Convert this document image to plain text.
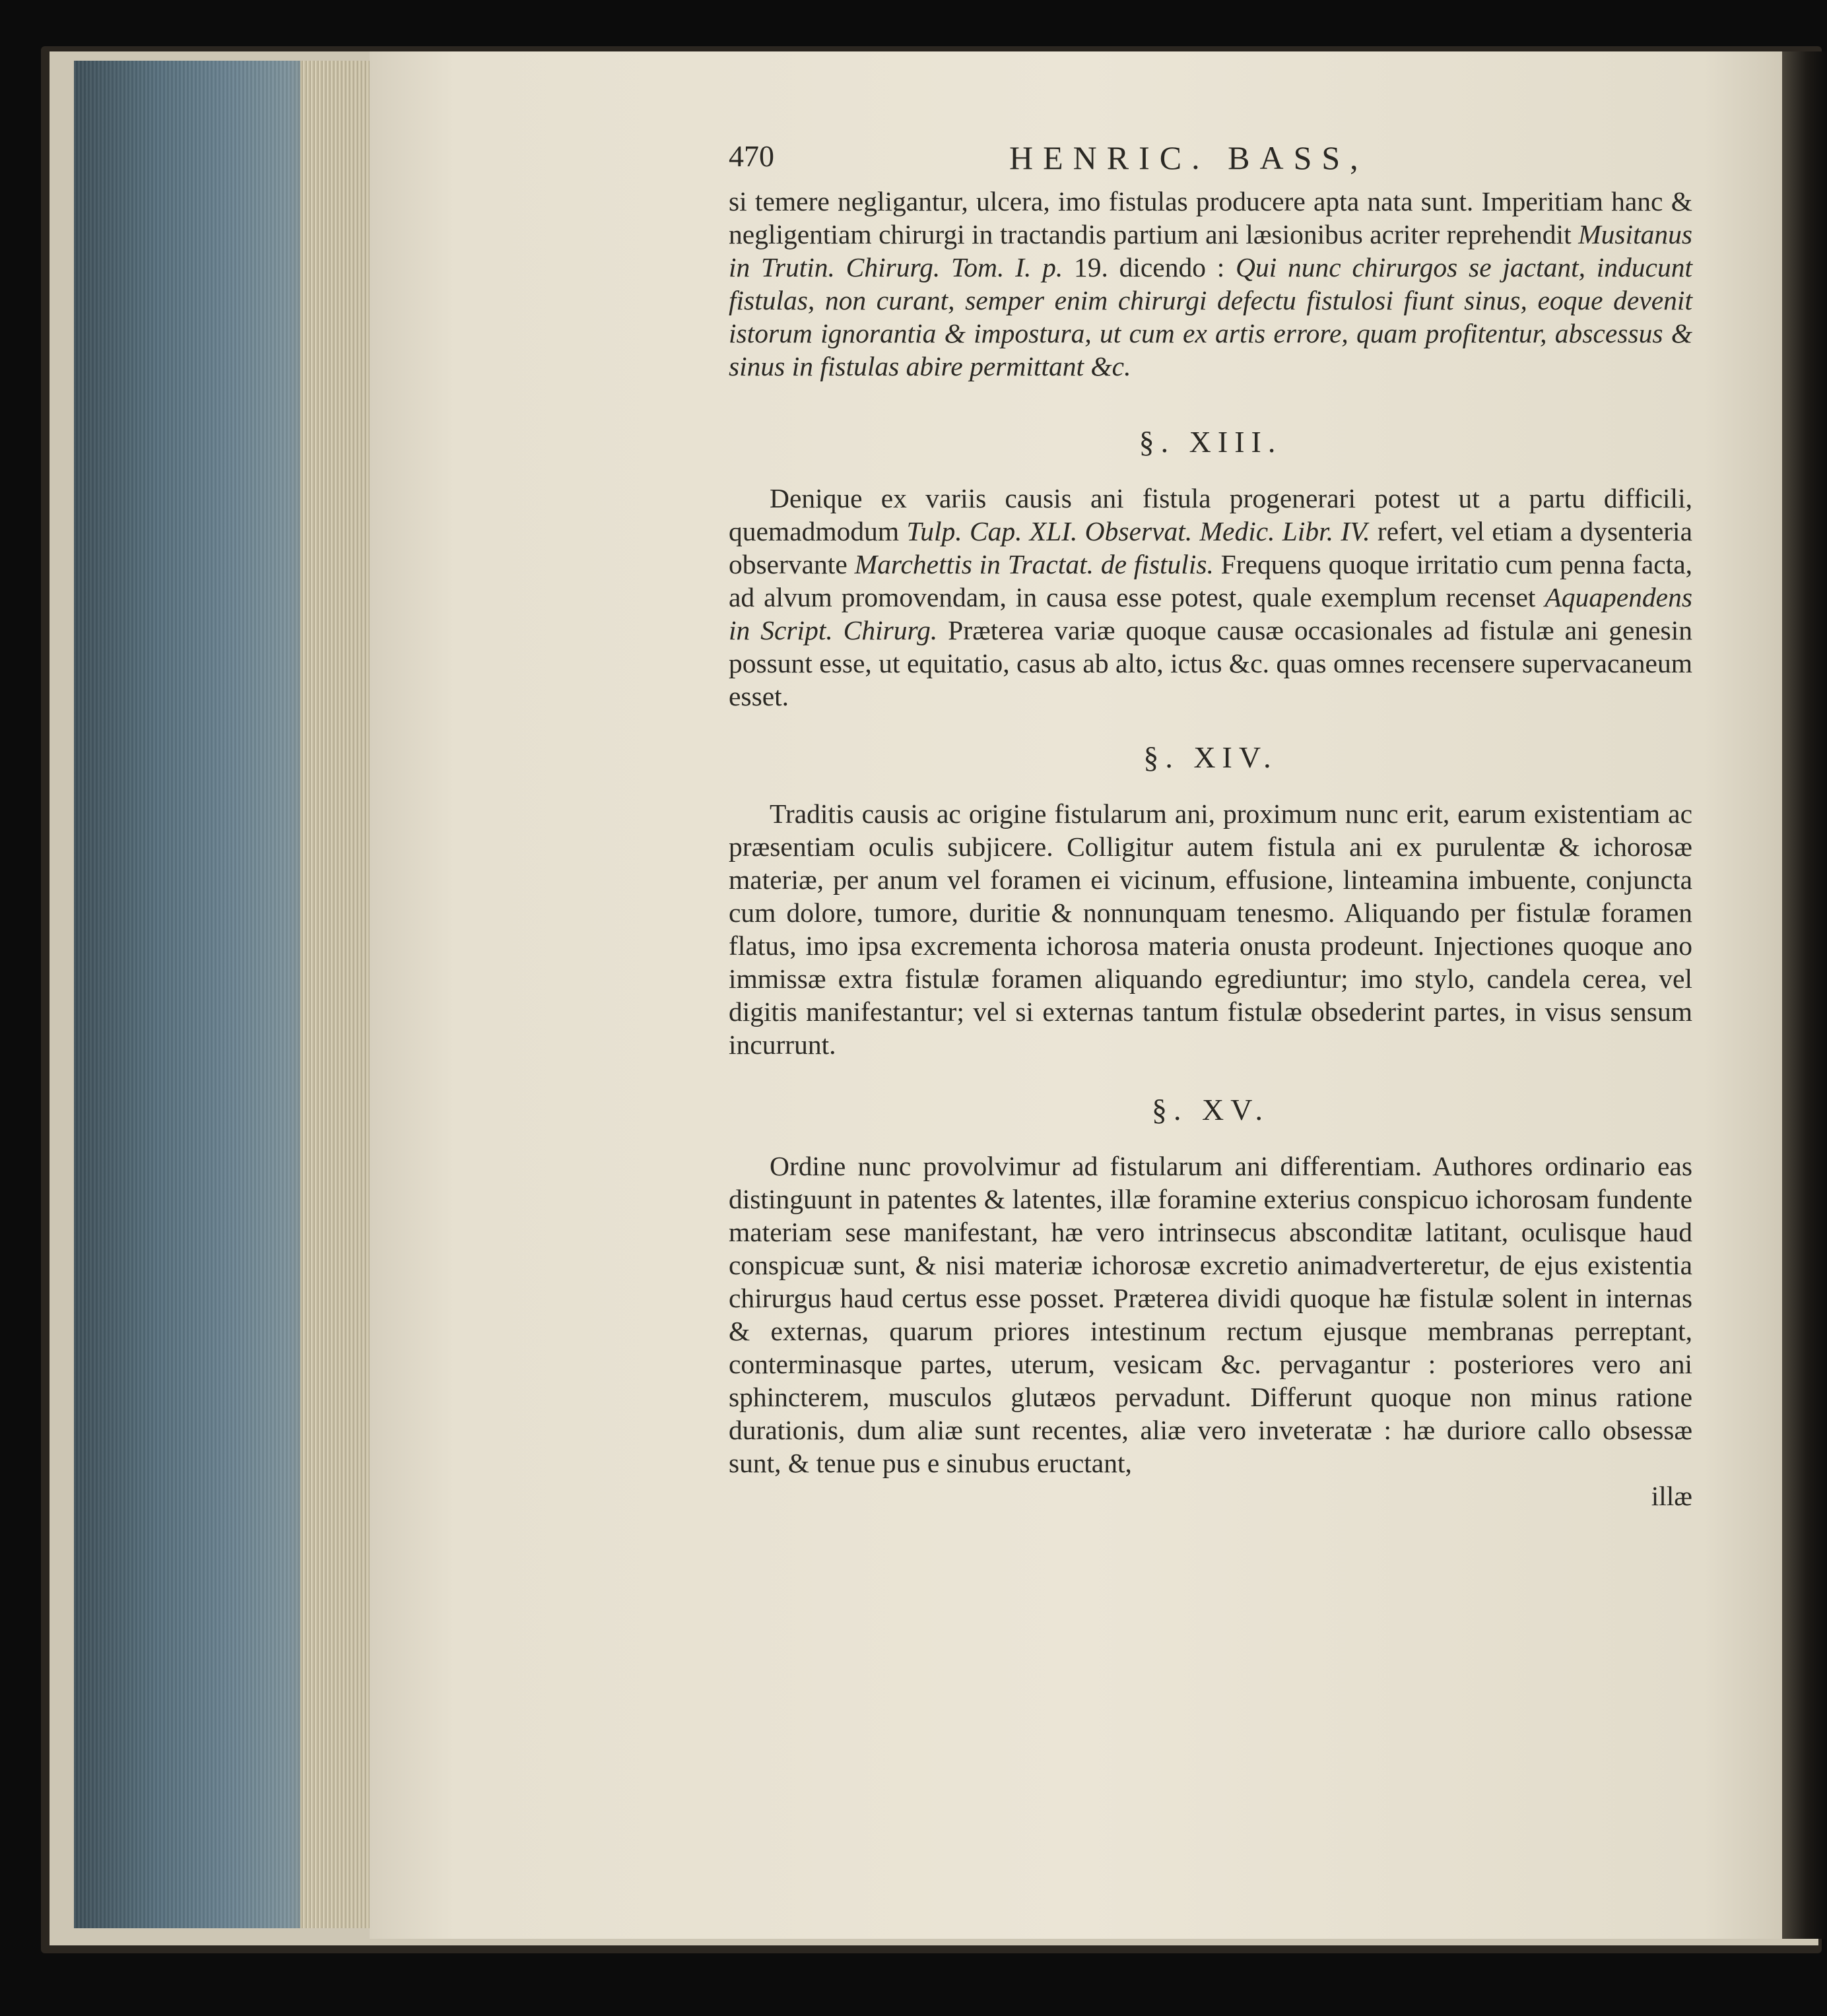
470	HENRIC. BASS,

si temere negligantur, ulcera, imo fistulas producere apta nata sunt. Imperitiam hanc & negligentiam chirurgi in tractandis partium ani læsionibus acriter reprehendit Musitanus in Trutin. Chirurg. Tom. I. p. 19. dicendo : Qui nunc chirurgos se jactant, inducunt fistulas, non curant, semper enim chirurgi defectu fistulosi fiunt sinus, eoque devenit istorum ignorantia & impostura, ut cum ex artis errore, quam profitentur, abscessus & sinus in fistulas abire permittant &c.

§. XIII.

Denique ex variis causis ani fistula progenerari potest ut a partu difficili, quemadmodum Tulp. Cap. XLI. Observat. Medic. Libr. IV. refert, vel etiam a dysenteria observante Marchettis in Tractat. de fistulis. Frequens quoque irritatio cum penna facta, ad alvum promovendam, in causa esse potest, quale exemplum recenset Aquapendens in Script. Chirurg. Præterea variæ quoque causæ occasionales ad fistulæ ani genesin possunt esse, ut equitatio, casus ab alto, ictus &c. quas omnes recensere supervacaneum esset.

§. XIV.

Traditis causis ac origine fistularum ani, proximum nunc erit, earum existentiam ac præsentiam oculis subjicere. Colligitur autem fistula ani ex purulentæ & ichorosæ materiæ, per anum vel foramen ei vicinum, effusione, linteamina imbuente, conjuncta cum dolore, tumore, duritie & nonnunquam tenesmo. Aliquando per fistulæ foramen flatus, imo ipsa excrementa ichorosa materia onusta prodeunt. Injectiones quoque ano immissæ extra fistulæ foramen aliquando egrediuntur; imo stylo, candela cerea, vel digitis manifestantur; vel si externas tantum fistulæ obsederint partes, in visus sensum incurrunt.

§. XV.

Ordine nunc provolvimur ad fistularum ani differentiam. Authores ordinario eas distinguunt in patentes & latentes, illæ foramine exterius conspicuo ichorosam fundente materiam sese manifestant, hæ vero intrinsecus absconditæ latitant, oculisque haud conspicuæ sunt, & nisi materiæ ichorosæ excretio animadverteretur, de ejus existentia chirurgus haud certus esse posset. Præterea dividi quoque hæ fistulæ solent in internas & externas, quarum priores intestinum rectum ejusque membranas perreptant, conterminasque partes, uterum, vesicam &c. pervagantur : posteriores vero ani sphincterem, musculos glutæos pervadunt. Differunt quoque non minus ratione durationis, dum aliæ sunt recentes, aliæ vero inveteratæ : hæ duriore callo obsessæ sunt, & tenue pus e sinubus eructant,

illæ
